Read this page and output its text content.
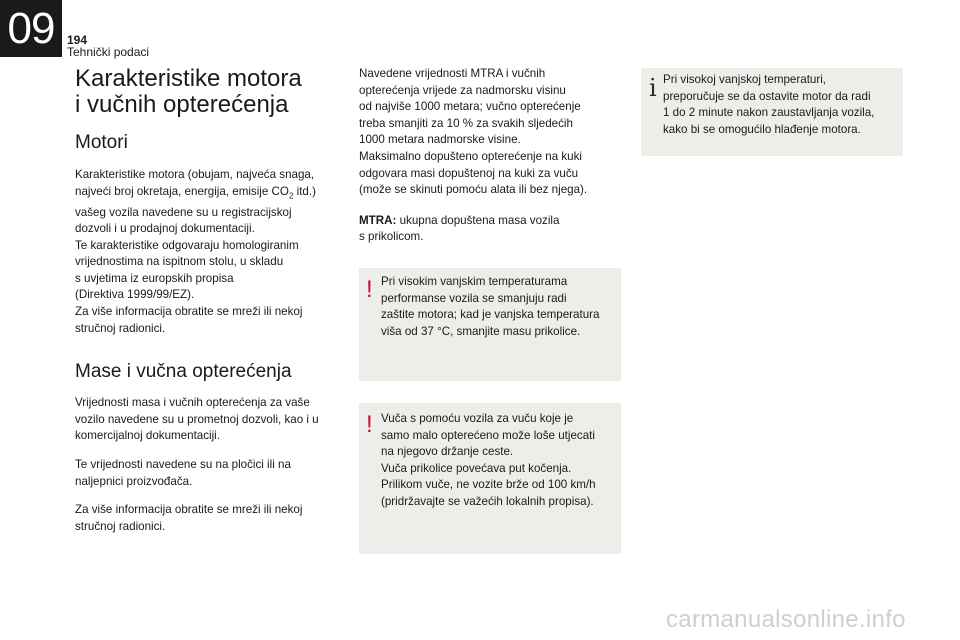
09	194
Tehnički podaci
Karakteristike motora
i vučnih opterećenja
Motori
Karakteristike motora (obujam, najveća snaga,
najveći broj okretaja, energija, emisije $CO_2$ itd.)
vašeg vozila navedene su u registracijskoj
dozvoli i u prodajnoj dokumentaciji.
Te karakteristike odgovaraju homologiranim
vrijednostima na ispitnom stolu, u skladu
s uvjetima iz europskih propisa
(Direktiva 1999/99/EZ).
Za više informacija obratite se mreži ili nekoj
stručnoj radionici.
Mase i vučna opterećenja
Vrijednosti masa i vučnih opterećenja za vaše
vozilo navedene su u prometnoj dozvoli, kao i u
komercijalnoj dokumentaciji.
Te vrijednosti navedene su na pločici ili na
naljepnici proizvođača.
Za više informacija obratite se mreži ili nekoj
stručnoj radionici.
Navedene vrijednosti MTRA i vučnih
opterećenja vrijede za nadmorsku visinu
od najviše 1000 metara; vučno opterećenje
treba smanjiti za 10 % za svakih sljedećih
1000 metara nadmorske visine.
Maksimalno dopušteno opterećenje na kuki
odgovara masi dopuštenoj na kuki za vuču
(može se skinuti pomoću alata ili bez njega).
MTRA: ukupna dopuštena masa vozila
s prikolicom.
! Pri visokim vanjskim temperaturama
performanse vozila se smanjuju radi
zaštite motora; kad je vanjska temperatura
viša od 37 °C, smanjite masu prikolice.
! Vuča s pomoću vozila za vuču koje je
samo malo opterećeno može loše utjecati
na njegovo držanje ceste.
Vuča prikolice povećava put kočenja.
Prilikom vuče, ne vozite brže od 100 km/h
(pridržavajte se važećih lokalnih propisa).
i Pri visokoj vanjskoj temperaturi,
preporučuje se da ostavite motor da radi
1 do 2 minute nakon zaustavljanja vozila,
kako bi se omogućilo hlađenje motora.
carmanualsonline.info
